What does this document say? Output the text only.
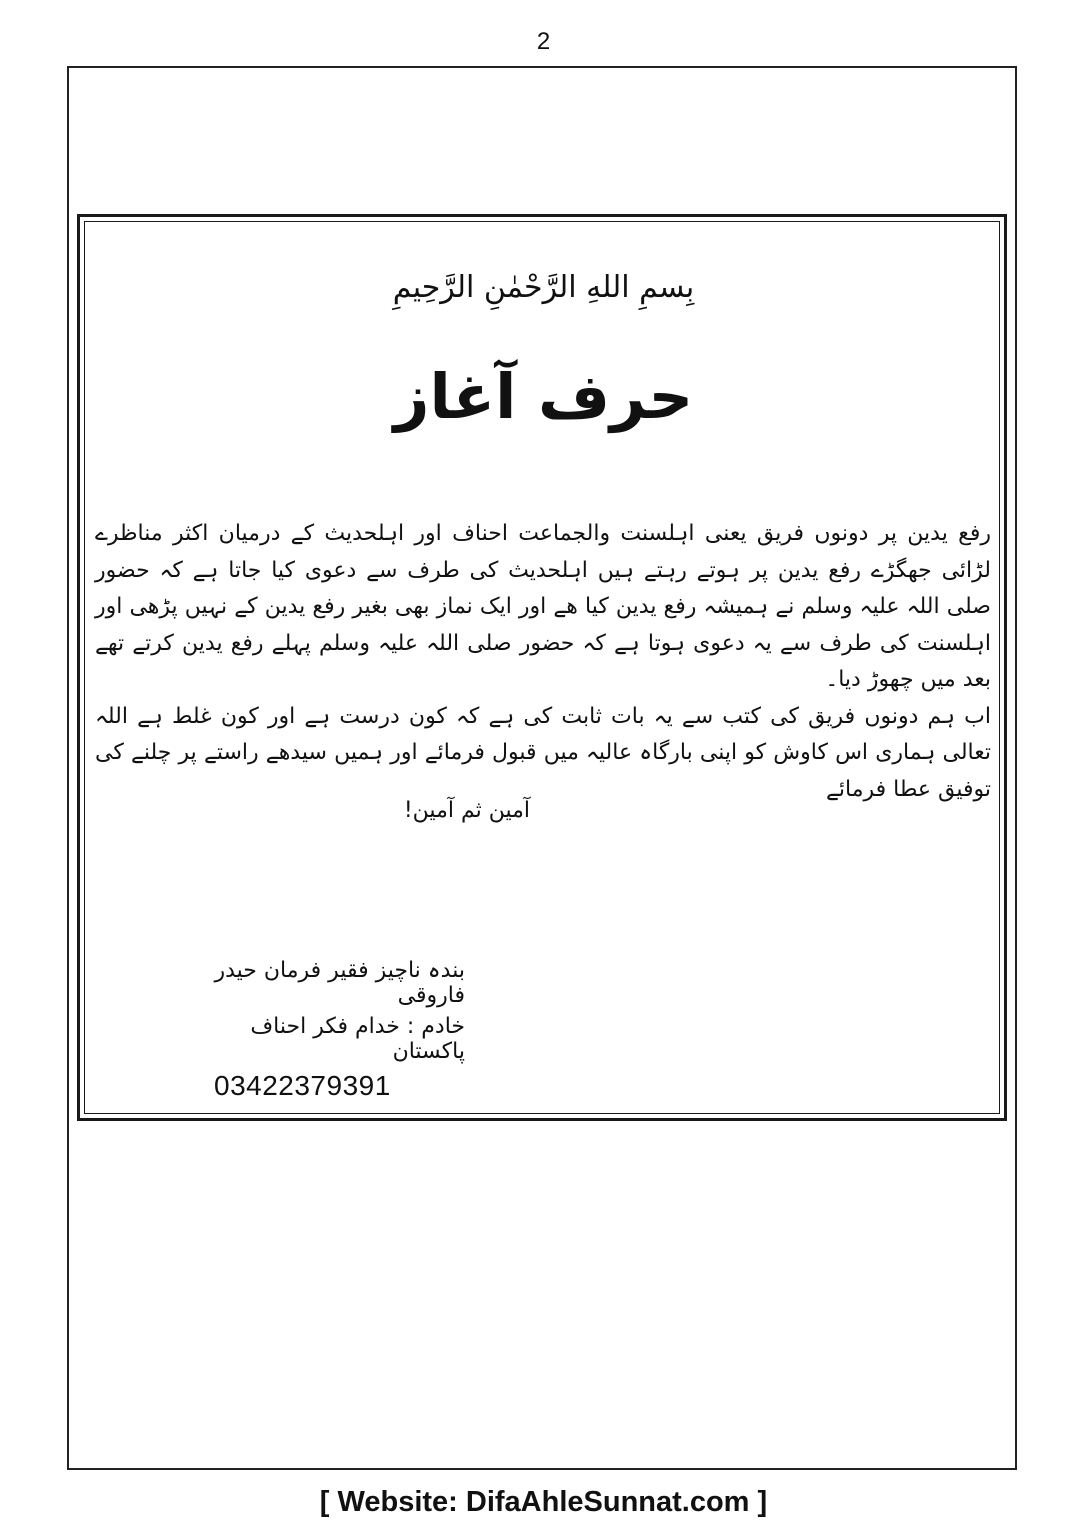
2
بِسمِ اللهِ الرَّحْمٰنِ الرَّحِیمِ
حرف آغاز

رفع یدین پر دونوں فریق یعنی اہلسنت والجماعت احناف اور اہلحدیث کے درمیان اکثر مناظرے لڑائی جھگڑے رفع یدین پر ہوتے رہتے ہیں اہلحدیث کی طرف سے دعوی کیا جاتا ہے کہ حضور صلی اللہ علیہ وسلم نے ہمیشہ رفع یدین کیا ھے اور ایک نماز بھی بغیر رفع یدین کے نہیں پڑھی اور اہلسنت کی طرف سے یہ دعوی ہوتا ہے کہ حضور صلی اللہ علیہ وسلم پہلے رفع یدین کرتے تھے بعد میں چھوڑ دیا۔

اب ہم دونوں فریق کی کتب سے یہ بات ثابت کی ہے کہ کون درست ہے اور کون غلط ہے اللہ تعالی ہماری اس کاوش کو اپنی بارگاہ عالیہ میں قبول فرمائے اور ہمیں سیدھے راستے پر چلنے کی توفیق عطا فرمائے

آمین ثم آمین!
بندہ ناچیز فقیر فرمان حیدر فاروقی
خادم : خدام فکر احناف پاکستان
03422379391
[ Website: DifaAhleSunnat.com ]
